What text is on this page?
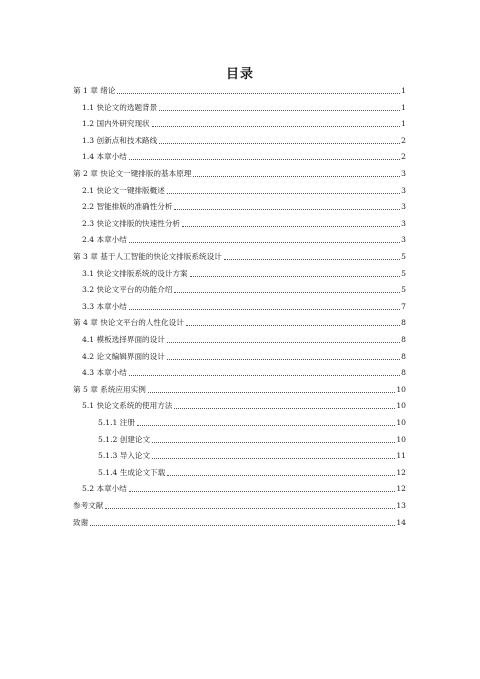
目录
第 1 章 绪论	1
1.1 快论文的选题背景	1
1.2 国内外研究现状	1
1.3 创新点和技术路线	2
1.4 本章小结	2
第 2 章 快论文一键排版的基本原理	3
2.1 快论文一键排版概述	3
2.2 智能排版的准确性分析	3
2.3 快论文排版的快速性分析	3
2.4 本章小结	3
第 3 章 基于人工智能的快论文排版系统设计	5
3.1 快论文排版系统的设计方案	5
3.2 快论文平台的功能介绍	5
3.3 本章小结	7
第 4 章 快论文平台的人性化设计	8
4.1 模板选择界面的设计	8
4.2 论文编辑界面的设计	8
4.3 本章小结	8
第 5 章 系统应用实例	10
5.1 快论文系统的使用方法	10
5.1.1 注册	10
5.1.2 创建论文	10
5.1.3 导入论文	11
5.1.4 生成论文下载	12
5.2 本章小结	12
参考文献	13
致谢	14
